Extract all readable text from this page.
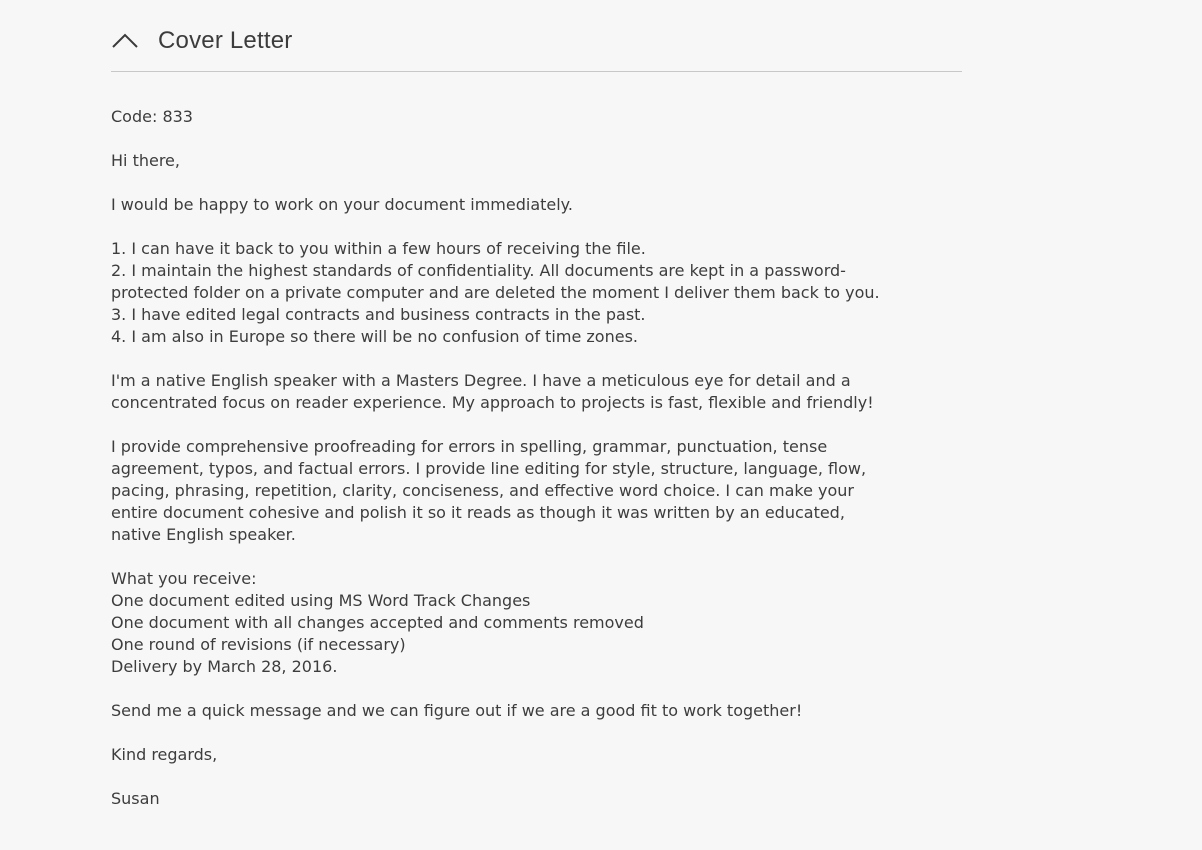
Cover Letter

Code: 833

Hi there,

I would be happy to work on your document immediately.

1. I can have it back to you within a few hours of receiving the file.
2. I maintain the highest standards of confidentiality. All documents are kept in a password-
protected folder on a private computer and are deleted the moment I deliver them back to you.
3. I have edited legal contracts and business contracts in the past.
4. I am also in Europe so there will be no confusion of time zones.

I'm a native English speaker with a Masters Degree. I have a meticulous eye for detail and a
concentrated focus on reader experience. My approach to projects is fast, flexible and friendly!

I provide comprehensive proofreading for errors in spelling, grammar, punctuation, tense
agreement, typos, and factual errors. I provide line editing for style, structure, language, flow,
pacing, phrasing, repetition, clarity, conciseness, and effective word choice. I can make your
entire document cohesive and polish it so it reads as though it was written by an educated,
native English speaker.

What you receive:
One document edited using MS Word Track Changes
One document with all changes accepted and comments removed
One round of revisions (if necessary)
Delivery by March 28, 2016.

Send me a quick message and we can figure out if we are a good fit to work together!

Kind regards,

Susan
